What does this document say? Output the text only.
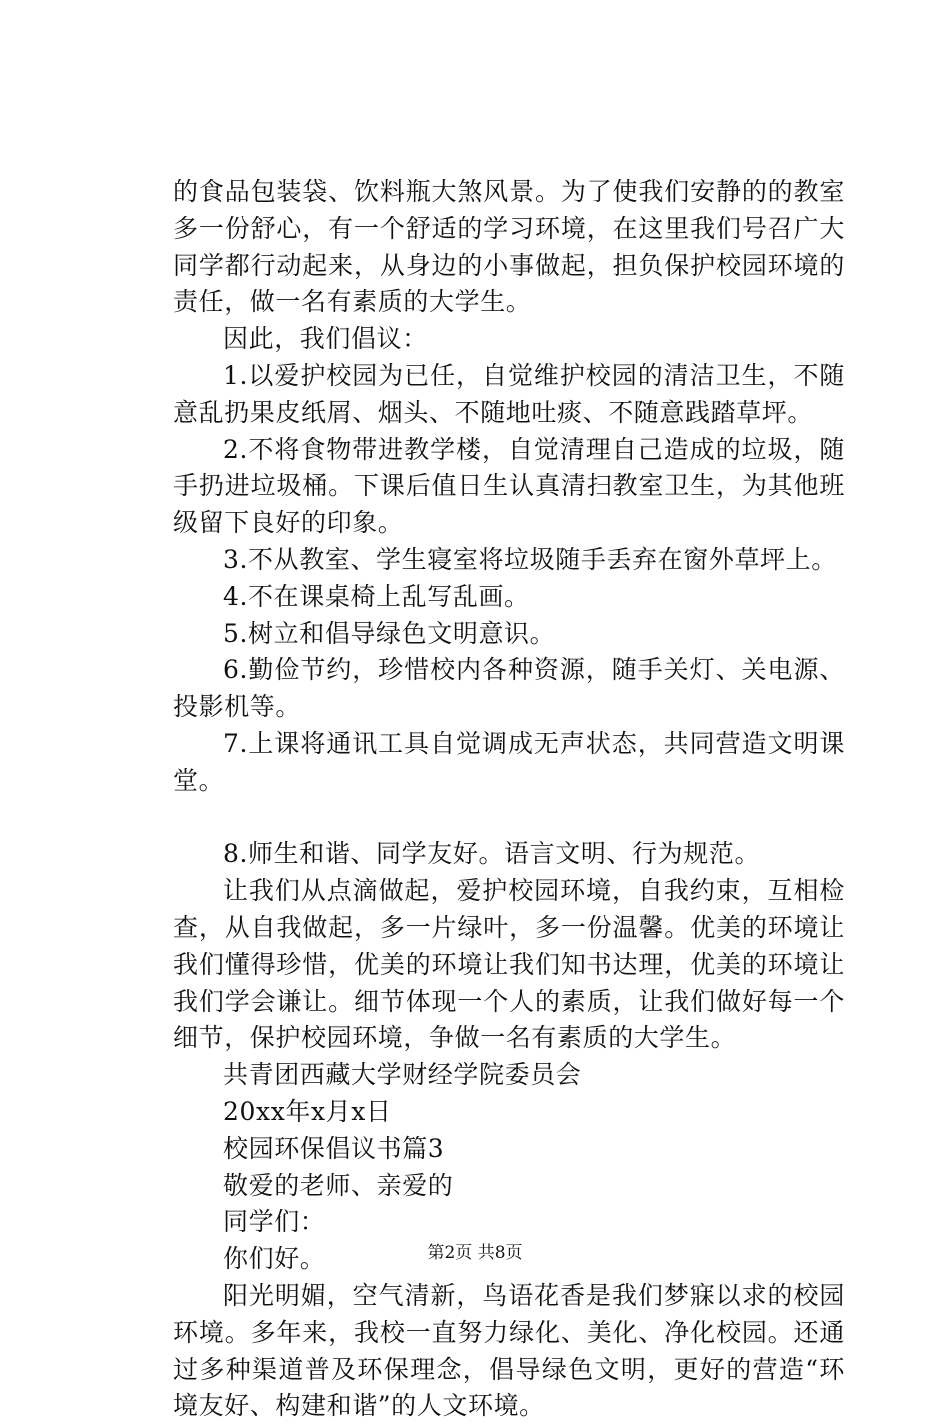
的食品包装袋、饮料瓶大煞风景。为了使我们安静的的教室多一份舒心，有一个舒适的学习环境，在这里我们号召广大同学都行动起来，从身边的小事做起，担负保护校园环境的责任，做一名有素质的大学生。

因此，我们倡议：

1.以爱护校园为已任，自觉维护校园的清洁卫生，不随意乱扔果皮纸屑、烟头、不随地吐痰、不随意践踏草坪。

2.不将食物带进教学楼，自觉清理自己造成的垃圾，随手扔进垃圾桶。下课后值日生认真清扫教室卫生，为其他班级留下良好的印象。

3.不从教室、学生寝室将垃圾随手丢弃在窗外草坪上。

4.不在课桌椅上乱写乱画。

5.树立和倡导绿色文明意识。

6.勤俭节约，珍惜校内各种资源，随手关灯、关电源、投影机等。

7.上课将通讯工具自觉调成无声状态，共同营造文明课堂。

8.师生和谐、同学友好。语言文明、行为规范。

让我们从点滴做起，爱护校园环境，自我约束，互相检查，从自我做起，多一片绿叶，多一份温馨。优美的环境让我们懂得珍惜，优美的环境让我们知书达理，优美的环境让我们学会谦让。细节体现一个人的素质，让我们做好每一个细节，保护校园环境，争做一名有素质的大学生。

共青团西藏大学财经学院委员会

20xx年x月x日

校园环保倡议书篇3

敬爱的老师、亲爱的

同学们：

你们好。

阳光明媚，空气清新，鸟语花香是我们梦寐以求的校园环境。多年来，我校一直努力绿化、美化、净化校园。还通过多种渠道普及环保理念，倡导绿色文明，更好的营造“环境友好、构建和谐”的人文环境。

第2页 共8页
